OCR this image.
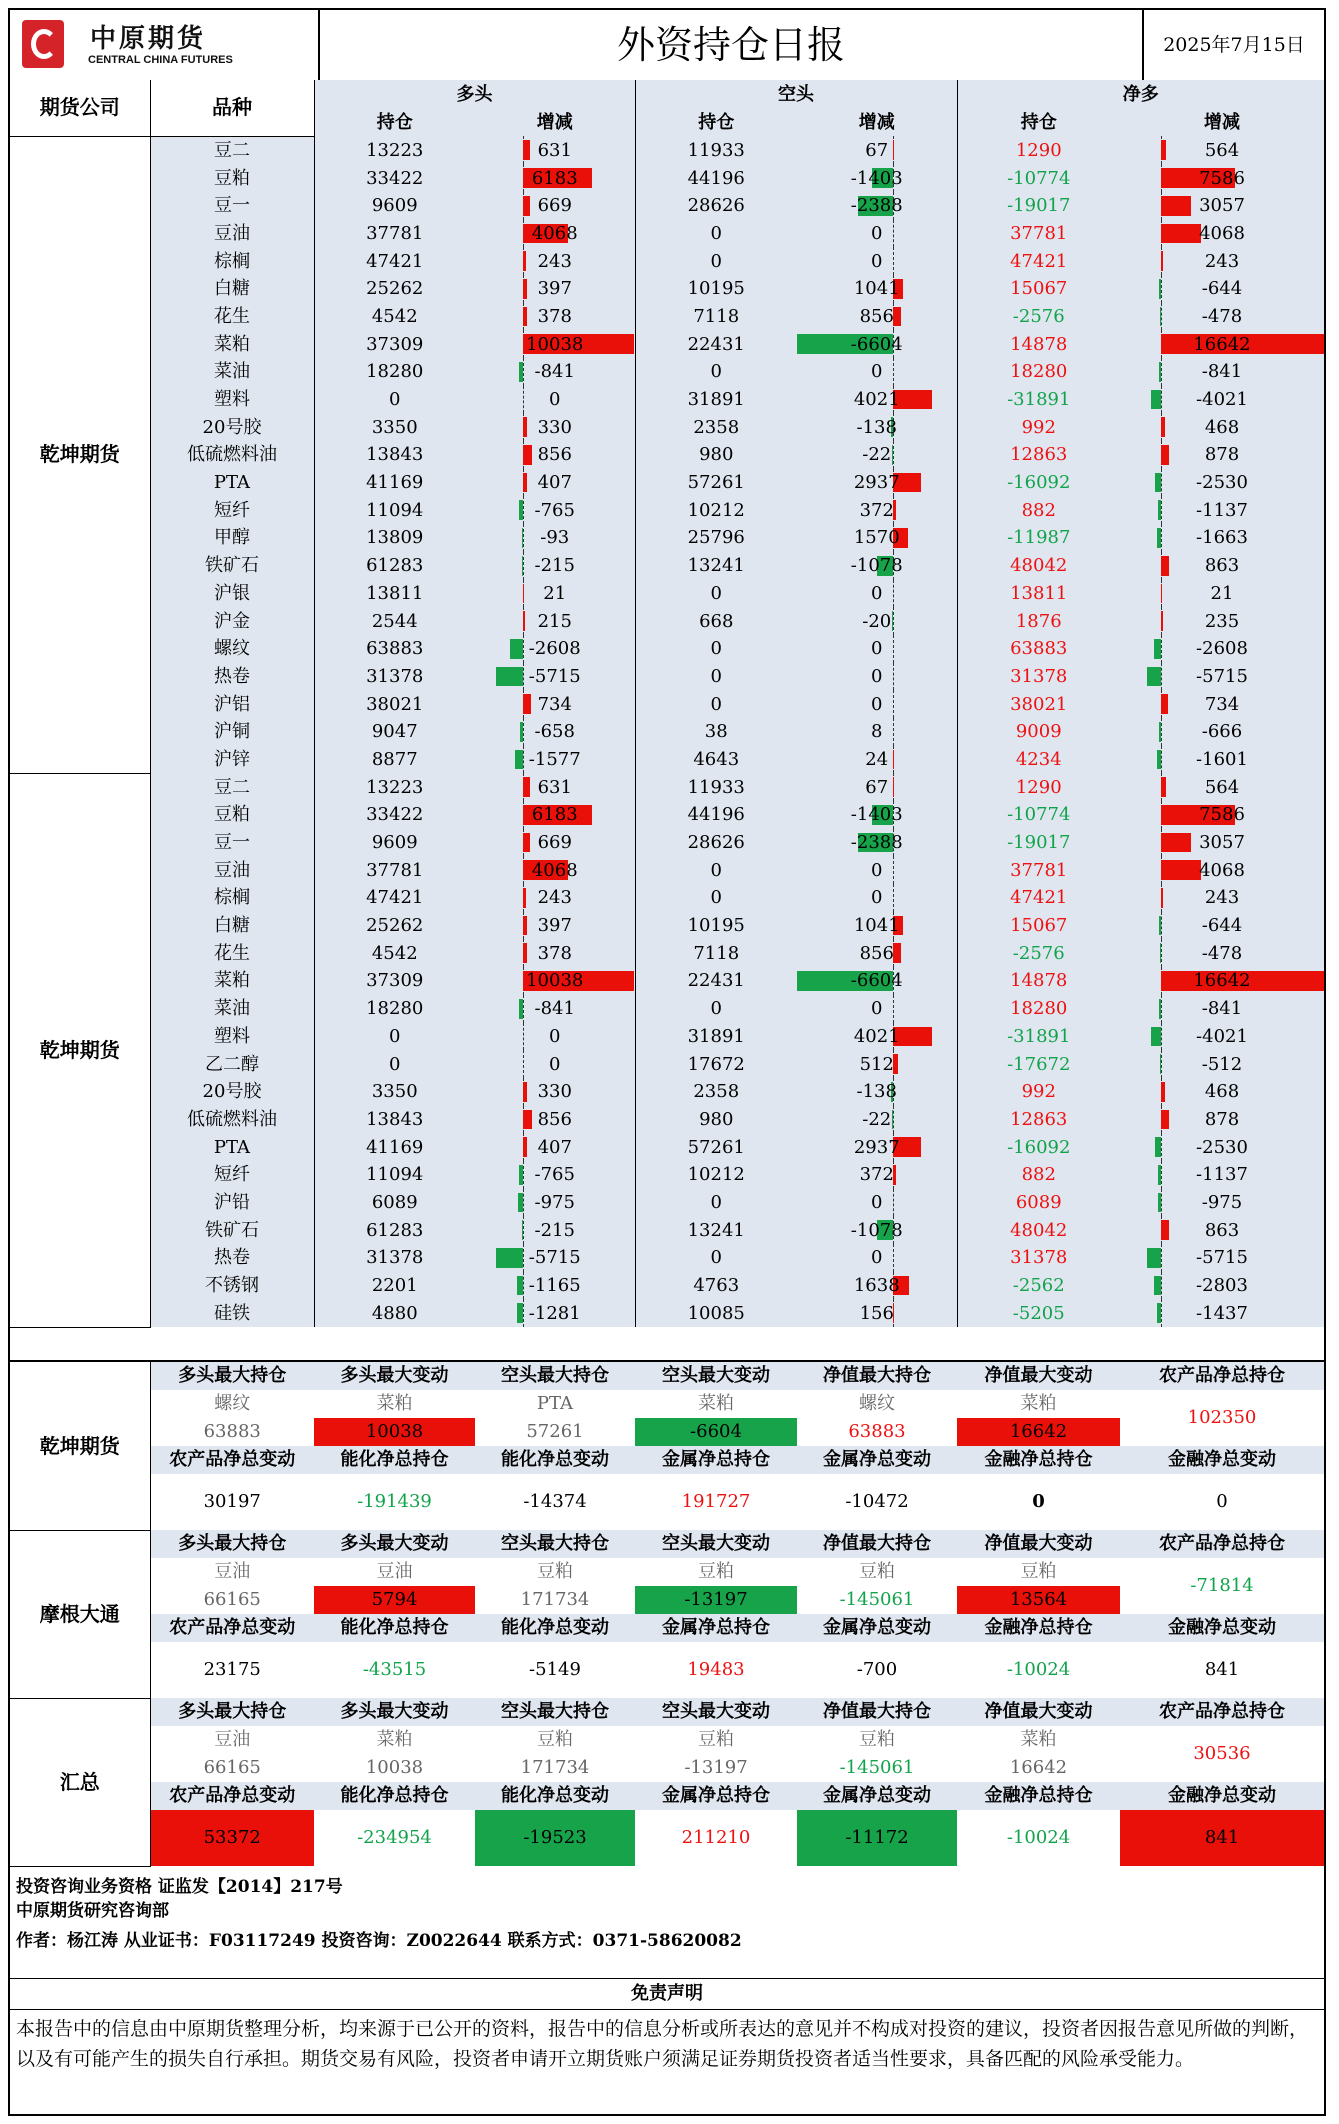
中原期货
CENTRAL CHINA FUTURES	外资持仓日报	2025年7月15日
期货公司	品种	多头		空头		净多	
		持仓	增减	持仓	增减	持仓	增减
乾坤期货	豆二	13223	631	11933	67	1290	564
	豆粕	33422	6183	44196	-1403	-10774	7586
	豆一	9609	669	28626	-2388	-19017	3057
	豆油	37781	4068	0	0	37781	4068
	棕榈	47421	243	0	0	47421	243
	白糖	25262	397	10195	1041	15067	-644
	花生	4542	378	7118	856	-2576	-478
	菜粕	37309	10038	22431	-6604	14878	16642
	菜油	18280	-841	0	0	18280	-841
	塑料	0	0	31891	4021	-31891	-4021
	20号胶	3350	330	2358	-138	992	468
	低硫燃料油	13843	856	980	-22	12863	878
	PTA	41169	407	57261	2937	-16092	-2530
	短纤	11094	-765	10212	372	882	-1137
	甲醇	13809	-93	25796	1570	-11987	-1663
	铁矿石	61283	-215	13241	-1078	48042	863
	沪银	13811	21	0	0	13811	21
	沪金	2544	215	668	-20	1876	235
	螺纹	63883	-2608	0	0	63883	-2608
	热卷	31378	-5715	0	0	31378	-5715
	沪铝	38021	734	0	0	38021	734
	沪铜	9047	-658	38	8	9009	-666
	沪锌	8877	-1577	4643	24	4234	-1601
乾坤期货	豆二	13223	631	11933	67	1290	564
	豆粕	33422	6183	44196	-1403	-10774	7586
	豆一	9609	669	28626	-2388	-19017	3057
	豆油	37781	4068	0	0	37781	4068
	棕榈	47421	243	0	0	47421	243
	白糖	25262	397	10195	1041	15067	-644
	花生	4542	378	7118	856	-2576	-478
	菜粕	37309	10038	22431	-6604	14878	16642
	菜油	18280	-841	0	0	18280	-841
	塑料	0	0	31891	4021	-31891	-4021
	乙二醇	0	0	17672	512	-17672	-512
	20号胶	3350	330	2358	-138	992	468
	低硫燃料油	13843	856	980	-22	12863	878
	PTA	41169	407	57261	2937	-16092	-2530
	短纤	11094	-765	10212	372	882	-1137
	沪铅	6089	-975	0	0	6089	-975
	铁矿石	61283	-215	13241	-1078	48042	863
	热卷	31378	-5715	0	0	31378	-5715
	不锈钢	2201	-1165	4763	1638	-2562	-2803
	硅铁	4880	-1281	10085	156	-5205	-1437
乾坤期货	多头最大持仓	多头最大变动	空头最大持仓	空头最大变动	净值最大持仓	净值最大变动	农产品净总持仓
	螺纹	菜粕	PTA	菜粕	螺纹	菜粕	102350
	63883	10038	57261	-6604	63883	16642	
	农产品净总变动	能化净总持仓	能化净总变动	金属净总持仓	金属净总变动	金融净总持仓	金融净总变动
	30197	-191439	-14374	191727	-10472	0	0

摩根大通	多头最大持仓	多头最大变动	空头最大持仓	空头最大变动	净值最大持仓	净值最大变动	农产品净总持仓
	豆油	豆油	豆粕	豆粕	豆粕	豆粕	-71814
	66165	5794	171734	-13197	-145061	13564	
	农产品净总变动	能化净总持仓	能化净总变动	金属净总持仓	金属净总变动	金融净总持仓	金融净总变动
	23175	-43515	-5149	19483	-700	-10024	841

汇总	多头最大持仓	多头最大变动	空头最大持仓	空头最大变动	净值最大持仓	净值最大变动	农产品净总持仓
	豆油	菜粕	豆粕	豆粕	豆粕	菜粕	30536
	66165	10038	171734	-13197	-145061	16642	
	农产品净总变动	能化净总持仓	能化净总变动	金属净总持仓	金属净总变动	金融净总持仓	金融净总变动
	53372	-234954	-19523	211210	-11172	-10024	841

投资咨询业务资格 证监发【2014】217号
中原期货研究咨询部
作者：杨江涛 从业证书：F03117249 投资咨询：Z0022644 联系方式：0371-58620082
免责声明
本报告中的信息由中原期货整理分析，均来源于已公开的资料，报告中的信息分析或所表达的意见并不构成对投资的建议，投资者因报告意见所做的判断，以及有可能产生的损失自行承担。期货交易有风险，投资者申请开立期货账户须满足证券期货投资者适当性要求，具备匹配的风险承受能力。
